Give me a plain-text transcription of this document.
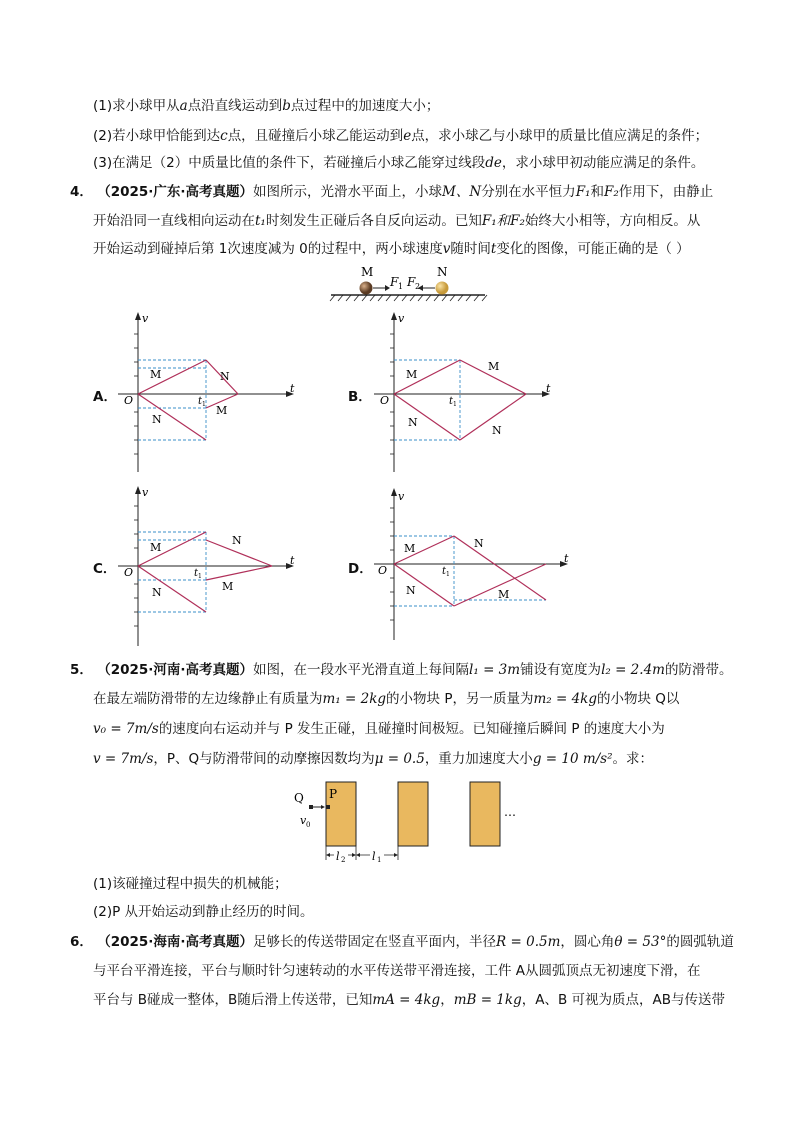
(1)求小球甲从a点沿直线运动到b点过程中的加速度大小；
(2)若小球甲恰能到达c点，且碰撞后小球乙能运动到e点，求小球乙与小球甲的质量比值应满足的条件；
(3)在满足（2）中质量比值的条件下，若碰撞后小球乙能穿过线段de，求小球甲初动能应满足的条件。
4． （2025·广东·高考真题）如图所示，光滑水平面上，小球M、N分别在水平恒力F₁和F₂作用下，由静止
开始沿同一直线相向运动在t₁时刻发生正碰后各自反向运动。已知F₁和F₂始终大小相等，方向相反。从
开始运动到碰掉后第 1次速度减为 0的过程中，两小球速度v随时间t变化的图像，可能正确的是（ ）
M	N
F 1 F 2
A．
v
t
O	t 1
M
N
N
M
B．
v
t
O	t 1
M
N
M
N
C．
v
t
O	t 1
M
N
N
M
D．
v
t
O	t 1
M
N
N
M
5． （2025·河南·高考真题）如图，在一段水平光滑直道上每间隔l₁ = 3m铺设有宽度为l₂ = 2.4m的防滑带。
在最左端防滑带的左边缘静止有质量为m₁ = 2kg的小物块 P，另一质量为m₂ = 4kg的小物块 Q以
v₀ = 7m/s的速度向右运动并与 P 发生正碰，且碰撞时间极短。已知碰撞后瞬间 P 的速度大小为
v = 7m/s，P、Q与防滑带间的动摩擦因数均为μ = 0.5，重力加速度大小g = 10 m/s²。求：
Q P
v 0
…
l 2 l 1
(1)该碰撞过程中损失的机械能；
(2)P 从开始运动到静止经历的时间。
6． （2025·海南·高考真题）足够长的传送带固定在竖直平面内，半径R = 0.5m，圆心角θ = 53°的圆弧轨道
与平台平滑连接，平台与顺时针匀速转动的水平传送带平滑连接，工件 A从圆弧顶点无初速度下滑，在
平台与 B碰成一整体，B随后滑上传送带，已知mA = 4kg，mB = 1kg，A、B 可视为质点，AB与传送带
